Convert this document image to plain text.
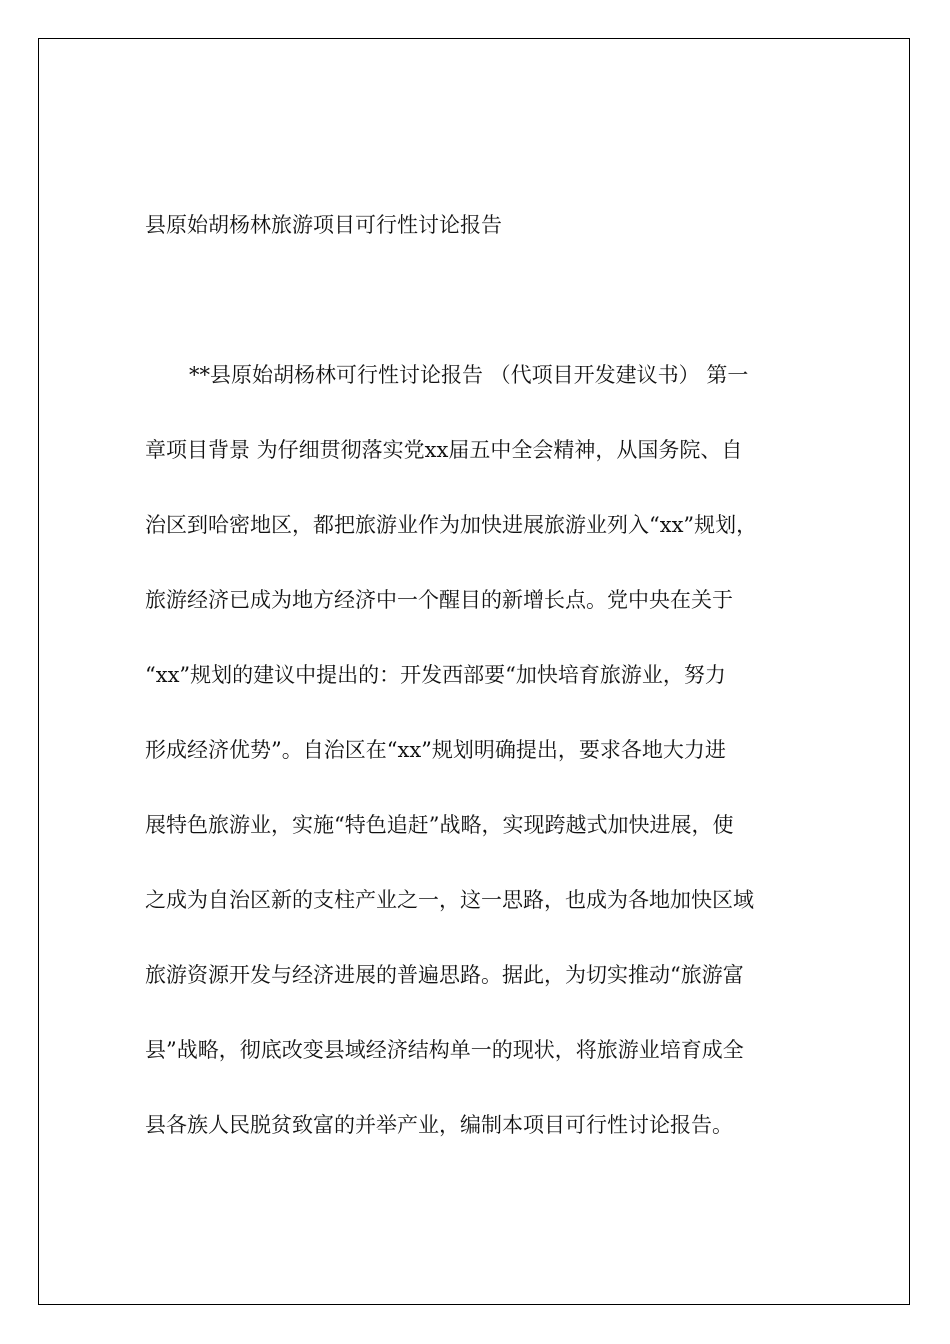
县原始胡杨林旅游项目可行性讨论报告
**县原始胡杨林可行性讨论报告 （代项目开发建议书） 第一
章项目背景 为仔细贯彻落实党xx届五中全会精神，从国务院、自
治区到哈密地区，都把旅游业作为加快进展旅游业列入“xx”规划，
旅游经济已成为地方经济中一个醒目的新增长点。党中央在关于
“xx”规划的建议中提出的：开发西部要“加快培育旅游业，努力
形成经济优势”。自治区在“xx”规划明确提出，要求各地大力进
展特色旅游业，实施“特色追赶”战略，实现跨越式加快进展，使
之成为自治区新的支柱产业之一，这一思路，也成为各地加快区域
旅游资源开发与经济进展的普遍思路。据此，为切实推动“旅游富
县”战略，彻底改变县域经济结构单一的现状，将旅游业培育成全
县各族人民脱贫致富的并举产业，编制本项目可行性讨论报告。
